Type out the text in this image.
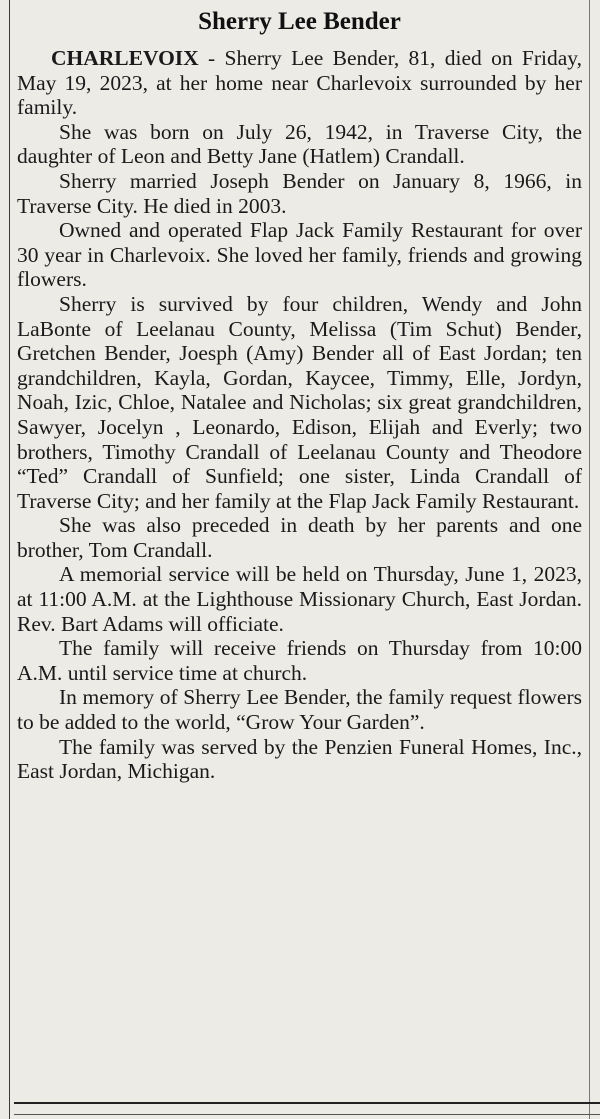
Sherry Lee Bender

CHARLEVOIX - Sherry Lee Bender, 81, died on Friday, May 19, 2023, at her home near Charlevoix surrounded by her family.

She was born on July 26, 1942, in Traverse City, the daughter of Leon and Betty Jane (Hatlem) Crandall.

Sherry married Joseph Bender on January 8, 1966, in Traverse City. He died in 2003.

Owned and operated Flap Jack Family Restaurant for over 30 year in Charlevoix. She loved her family, friends and growing flowers.

Sherry is survived by four children, Wendy and John LaBonte of Leelanau County, Melissa (Tim Schut) Bender, Gretchen Bender, Joesph (Amy) Bender all of East Jordan; ten grandchildren, Kayla, Gordan, Kaycee, Timmy, Elle, Jordyn, Noah, Izic, Chloe, Natalee and Nicholas; six great grandchildren, Sawyer, Jocelyn , Leonardo, Edison, Elijah and Everly; two brothers, Timothy Crandall of Leelanau County and Theodore “Ted” Crandall of Sunfield; one sister, Linda Crandall of Traverse City; and her family at the Flap Jack Family Restaurant.

She was also preceded in death by her parents and one brother, Tom Crandall.

A memorial service will be held on Thursday, June 1, 2023, at 11:00 A.M. at the Lighthouse Missionary Church, East Jordan. Rev. Bart Adams will officiate.

The family will receive friends on Thursday from 10:00 A.M. until service time at church.

In memory of Sherry Lee Bender, the family request flowers to be added to the world, “Grow Your Garden”.

The family was served by the Penzien Funeral Homes, Inc., East Jordan, Michigan.
